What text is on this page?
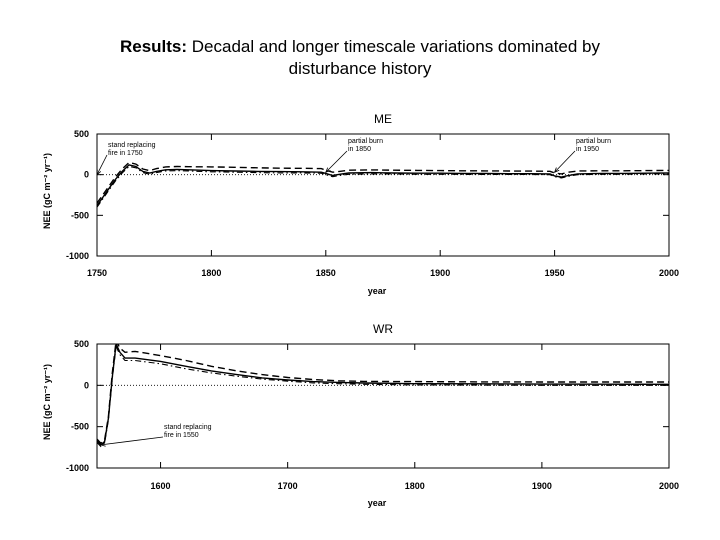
Results: Decadal and longer timescale variations dominated by
disturbance history
ME
500
0
-500
-1000
1750	1800	1850	1900	1950	2000
year
NEE (gC m⁻² yr⁻¹)
stand replacing
fire in 1750
partial burn
in 1850
partial burn
in 1950
WR
500
0
-500
-1000
1600	1700	1800	1900	2000
year
NEE (gC m⁻² yr⁻¹)	stand replacing
fire in 1550
